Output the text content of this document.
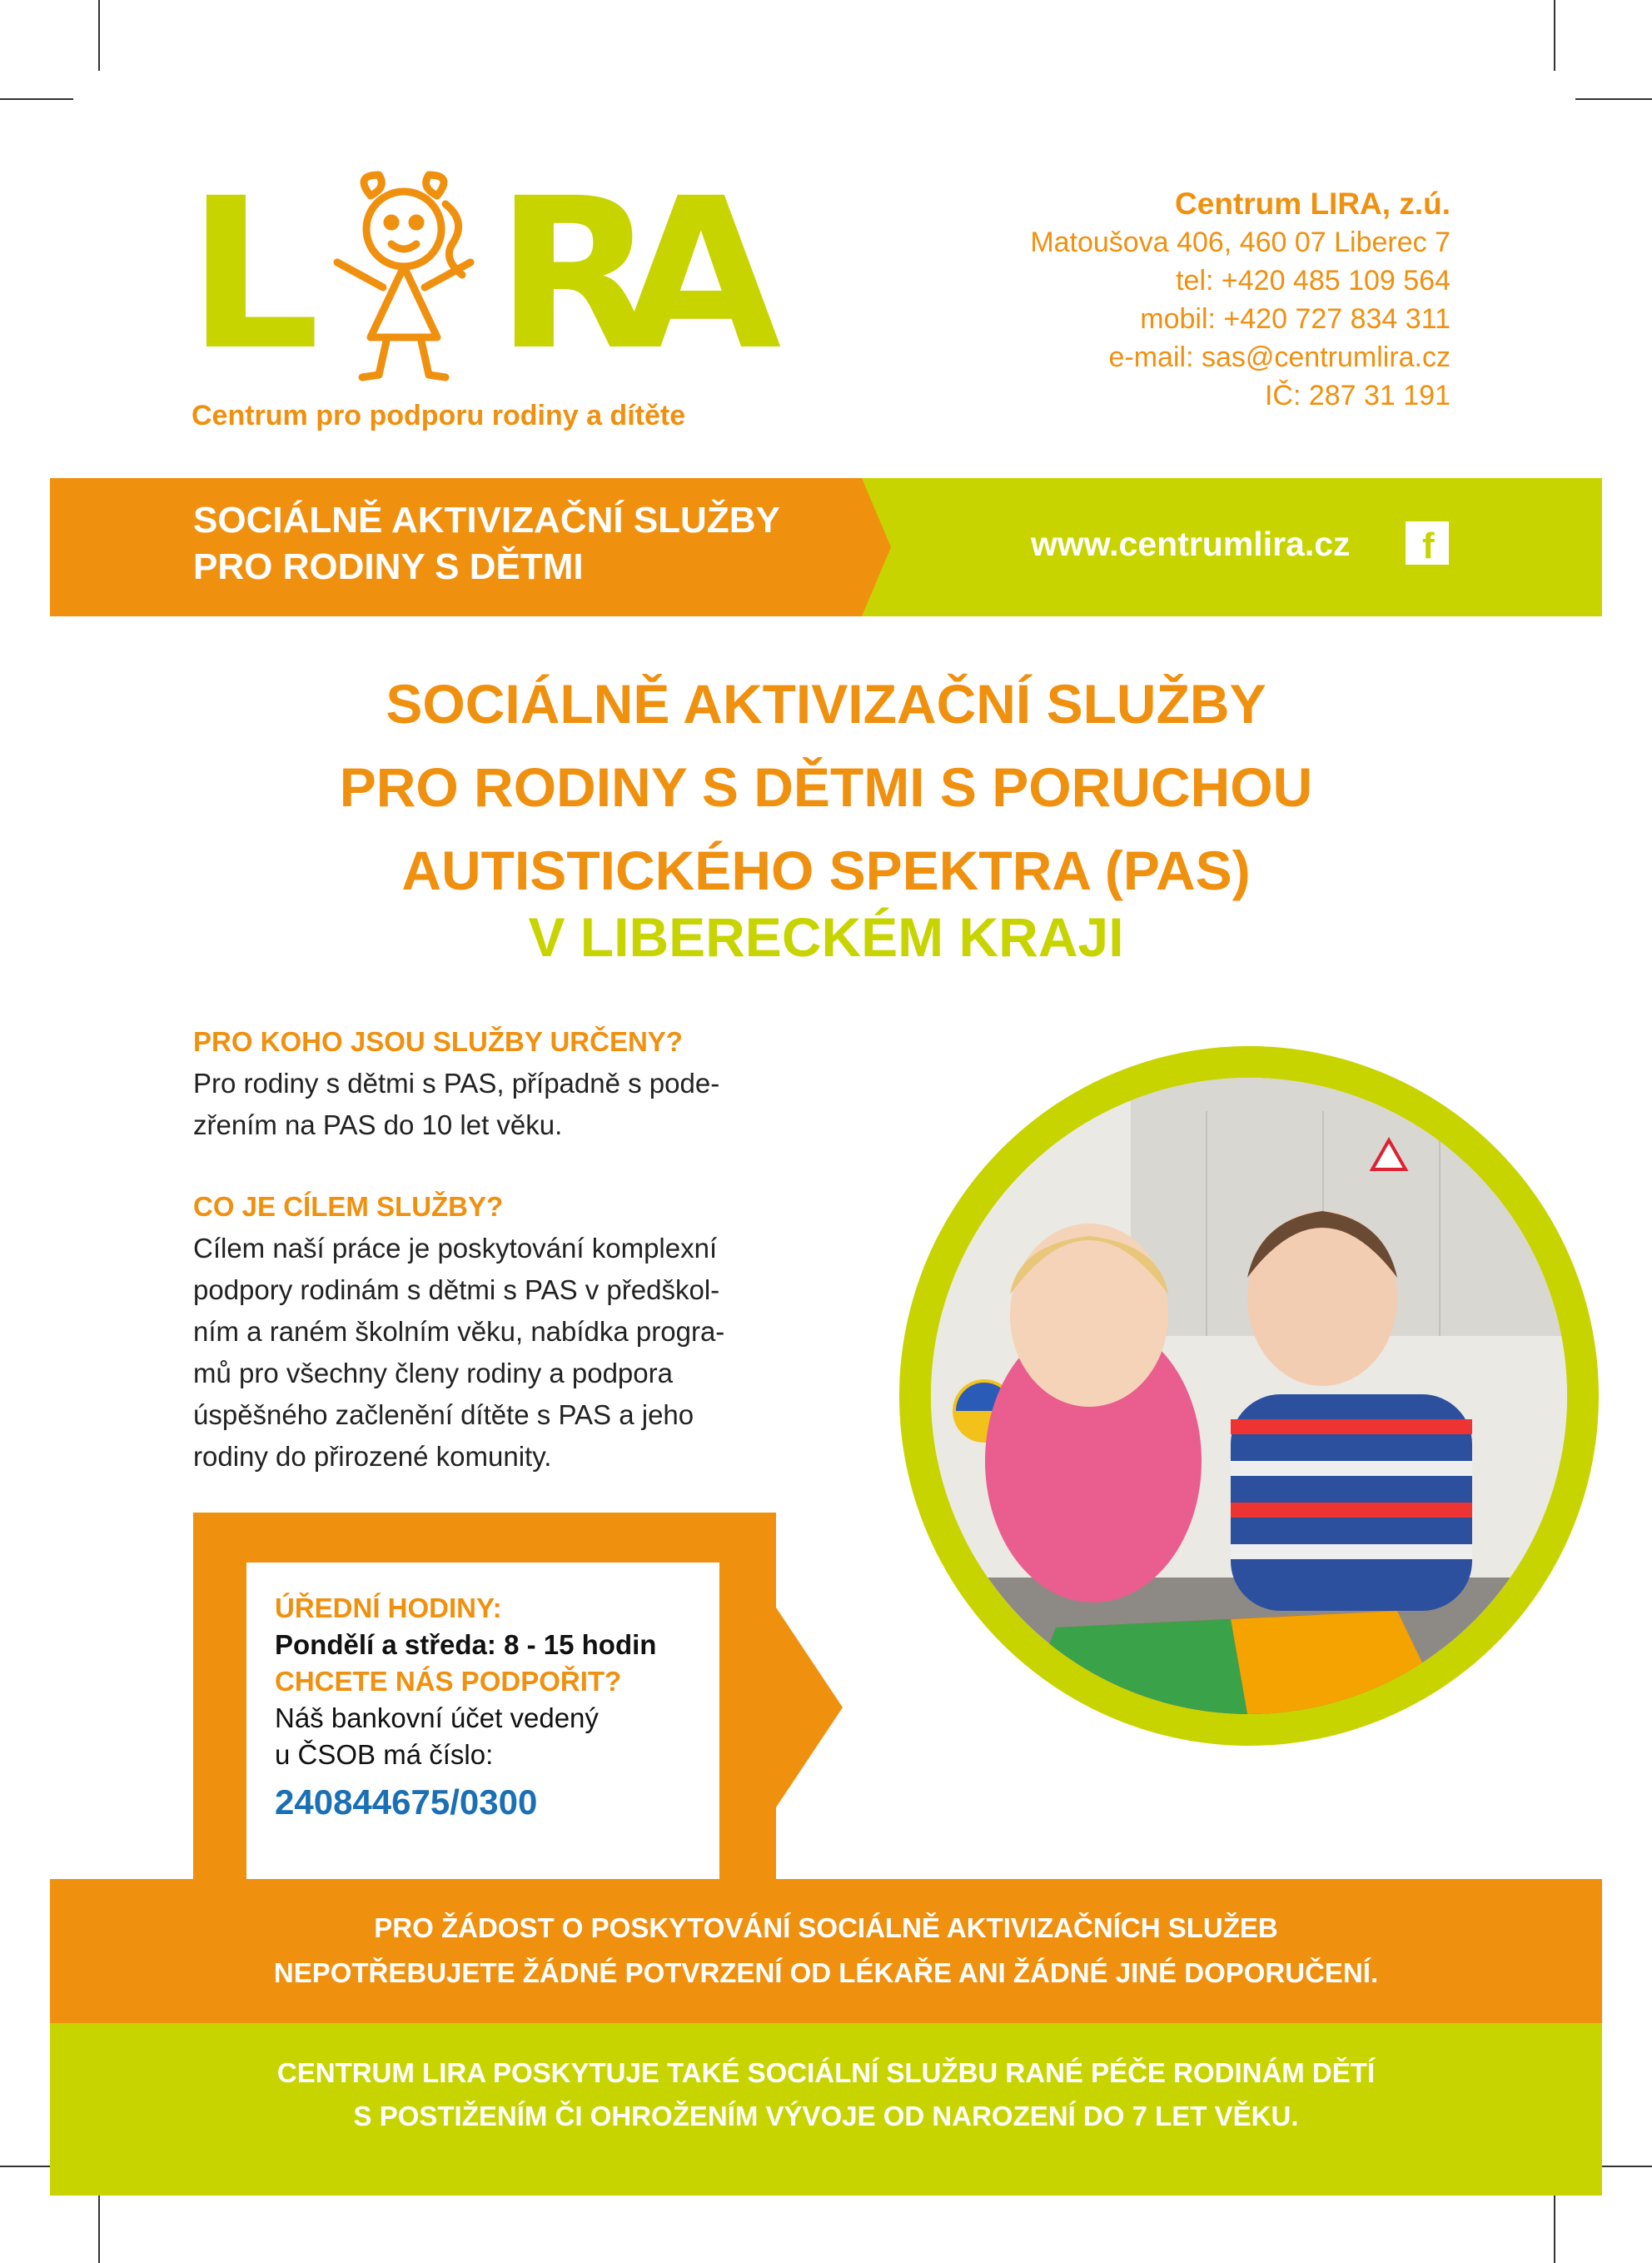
L R
A
Centrum pro podporu rodiny a dítěte
Centrum LIRA, z.ú.
Matoušova 406, 460 07 Liberec 7
tel: +420 485 109 564
mobil: +420 727 834 311
e-mail: sas@centrumlira.cz
IČ: 287 31 191
SOCIÁLNĚ AKTIVIZAČNÍ SLUŽBY
PRO RODINY S DĚTMI
www.centrumlira.cz f
SOCIÁLNĚ AKTIVIZAČNÍ SLUŽBY
PRO RODINY S DĚTMI S PORUCHOU
AUTISTICKÉHO SPEKTRA (PAS)
V LIBERECKÉM KRAJI
PRO KOHO JSOU SLUŽBY URČENY?
Pro rodiny s dětmi s PAS, případně s pode-
zřením na PAS do 10 let věku.
CO JE CÍLEM SLUŽBY?
Cílem naší práce je poskytování komplexní
podpory rodinám s dětmi s PAS v předškol-
ním a raném školním věku, nabídka progra-
mů pro všechny členy rodiny a podpora
úspěšného začlenění dítěte s PAS a jeho
rodiny do přirozené komunity.
ÚŘEDNÍ HODINY:
Pondělí a středa: 8 - 15 hodin
CHCETE NÁS PODPOŘIT?
Náš bankovní účet vedený
u ČSOB má číslo:
240844675/0300
PRO ŽÁDOST O POSKYTOVÁNÍ SOCIÁLNĚ AKTIVIZAČNÍCH SLUŽEB
NEPOTŘEBUJETE ŽÁDNÉ POTVRZENÍ OD LÉKAŘE ANI ŽÁDNÉ JINÉ DOPORUČENÍ.
CENTRUM LIRA POSKYTUJE TAKÉ SOCIÁLNÍ SLUŽBU RANÉ PÉČE RODINÁM DĚTÍ
S POSTIŽENÍM ČI OHROŽENÍM VÝVOJE OD NAROZENÍ DO 7 LET VĚKU.
